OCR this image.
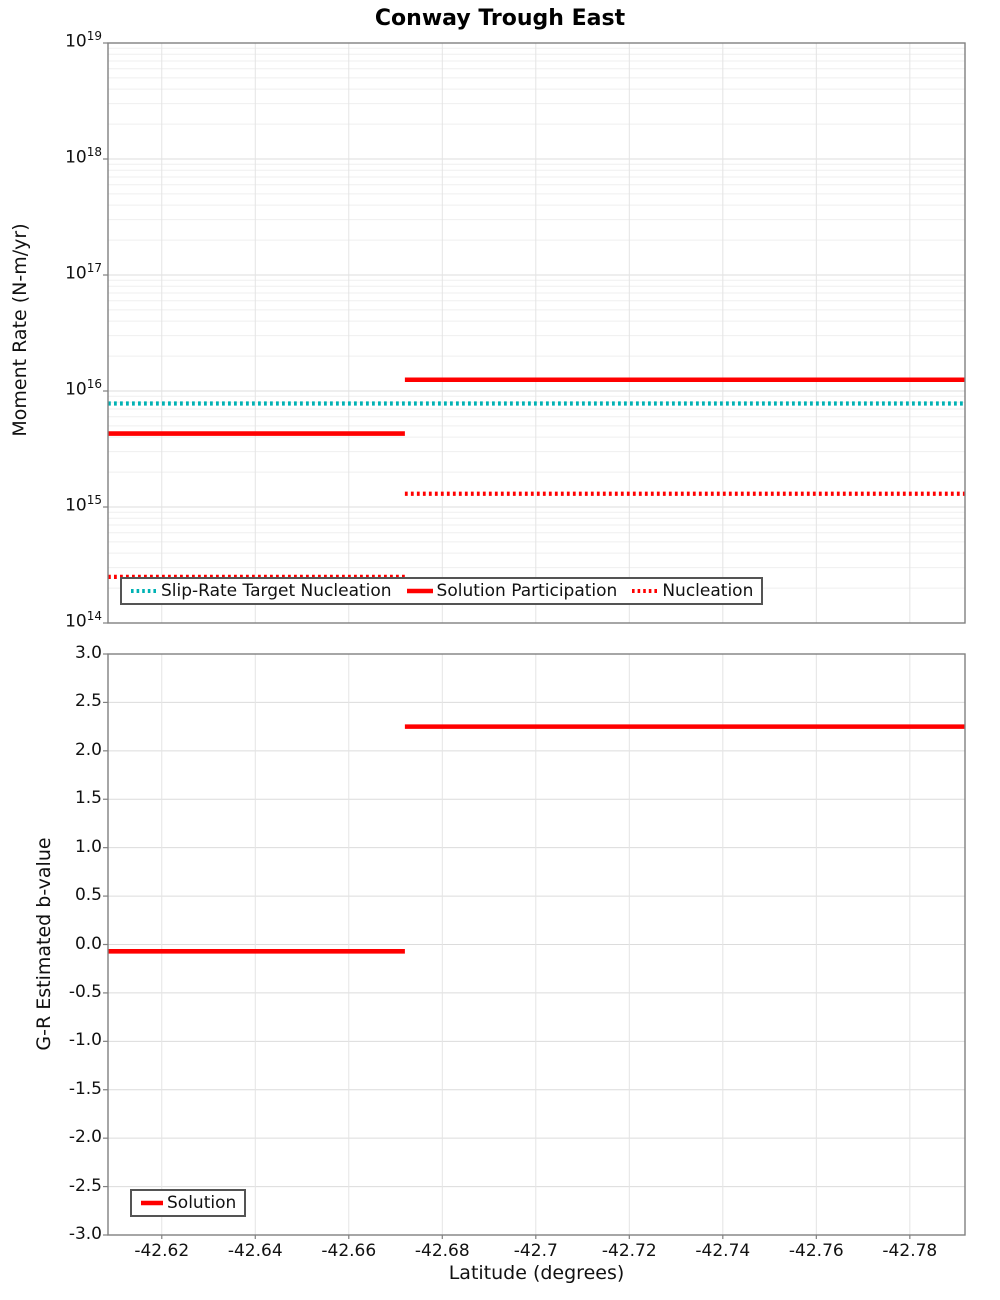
Conway Trough East
Moment Rate (N-m/yr)
G-R Estimated b-value
Latitude (degrees)
$10^{19}$
$10^{18}$
$10^{17}$
$10^{16}$
$10^{15}$
$10^{14}$
3.0
2.5
2.0
1.5
1.0
0.5
0.0
-0.5
-1.0
-1.5
-2.0
-2.5
-3.0
-42.62 -42.64 -42.66 -42.68	-42.7	-42.72 -42.74 -42.76 -42.78
Slip-Rate Target Nucleation	Solution Participation	Nucleation
Solution
